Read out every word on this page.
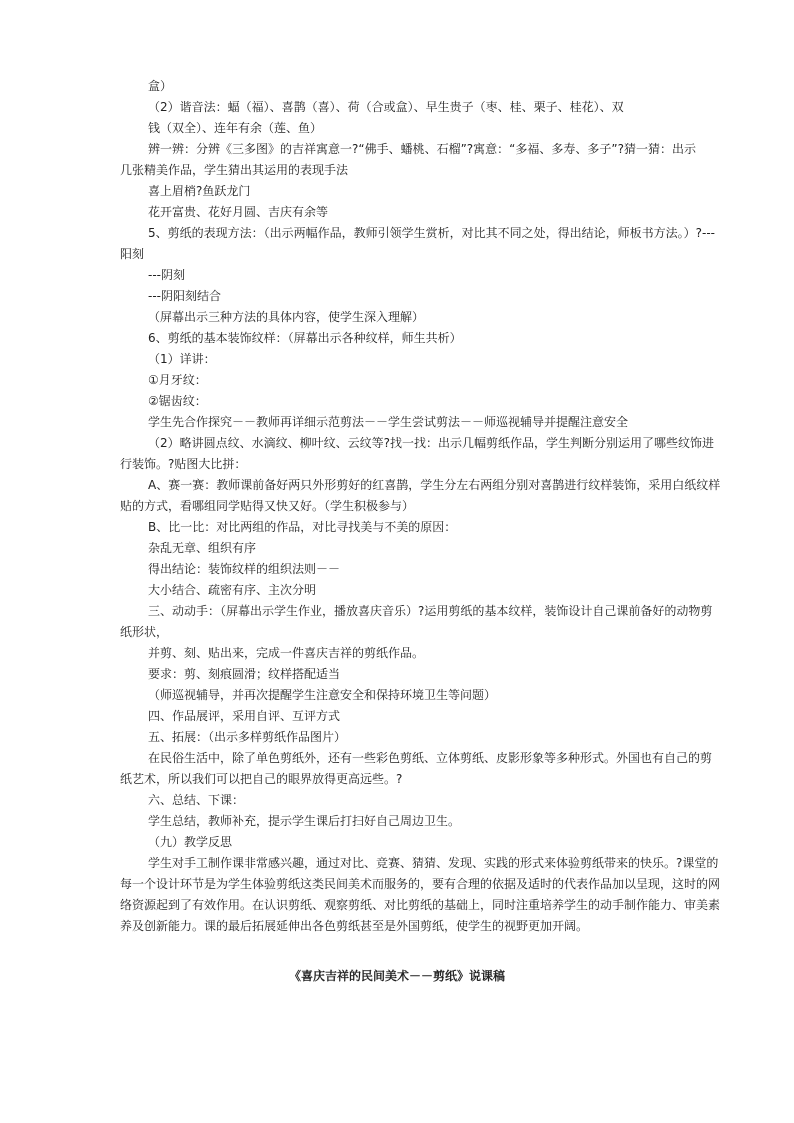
盒）
（2）谐音法：蝠（福）、喜鹊（喜）、荷（合或盒）、早生贵子（枣、桂、栗子、桂花）、双
钱（双全）、连年有余（莲、鱼）
辨一辨：分辨《三多图》的吉祥寓意一?“佛手、蟠桃、石榴”?寓意：“多福、多寿、多子”?猜一猜：出示
几张精美作品，学生猜出其运用的表现手法
喜上眉梢?鱼跃龙门
花开富贵、花好月圆、吉庆有余等
5、剪纸的表现方法：（出示两幅作品，教师引领学生赏析，对比其不同之处，得出结论，师板书方法。）?---
阳刻
---阴刻
---阴阳刻结合
（屏幕出示三种方法的具体内容，使学生深入理解）
6、剪纸的基本装饰纹样：（屏幕出示各种纹样，师生共析）
（1）详讲：
①月牙纹：
②锯齿纹：
学生先合作探究－－教师再详细示范剪法－－学生尝试剪法－－师巡视辅导并提醒注意安全
（2）略讲圆点纹、水滴纹、柳叶纹、云纹等?找一找：出示几幅剪纸作品，学生判断分别运用了哪些纹饰进
行装饰。?贴图大比拼：
A、赛一赛：教师课前备好两只外形剪好的红喜鹊，学生分左右两组分别对喜鹊进行纹样装饰，采用白纸纹样
贴的方式，看哪组同学贴得又快又好。（学生积极参与）
B、比一比：对比两组的作品，对比寻找美与不美的原因：
杂乱无章、组织有序
得出结论：装饰纹样的组织法则－－
大小结合、疏密有序、主次分明
三、动动手：（屏幕出示学生作业，播放喜庆音乐）?运用剪纸的基本纹样，装饰设计自己课前备好的动物剪
纸形状，
并剪、刻、贴出来，完成一件喜庆吉祥的剪纸作品。
要求：剪、刻痕圆滑；纹样搭配适当
（师巡视辅导，并再次提醒学生注意安全和保持环境卫生等问题）
四、作品展评，采用自评、互评方式
五、拓展：（出示多样剪纸作品图片）
在民俗生活中，除了单色剪纸外，还有一些彩色剪纸、立体剪纸、皮影形象等多种形式。外国也有自己的剪
纸艺术，所以我们可以把自己的眼界放得更高远些。?
六、总结、下课：
学生总结，教师补充，提示学生课后打扫好自己周边卫生。
（九）教学反思
学生对手工制作课非常感兴趣，通过对比、竞赛、猜猜、发现、实践的形式来体验剪纸带来的快乐。?课堂的
每一个设计环节是为学生体验剪纸这类民间美术而服务的，要有合理的依据及适时的代表作品加以呈现，这时的网
络资源起到了有效作用。在认识剪纸、观察剪纸、对比剪纸的基础上，同时注重培养学生的动手制作能力、审美素
养及创新能力。课的最后拓展延伸出各色剪纸甚至是外国剪纸，使学生的视野更加开阔。
《喜庆吉祥的民间美术－－剪纸》说课稿
